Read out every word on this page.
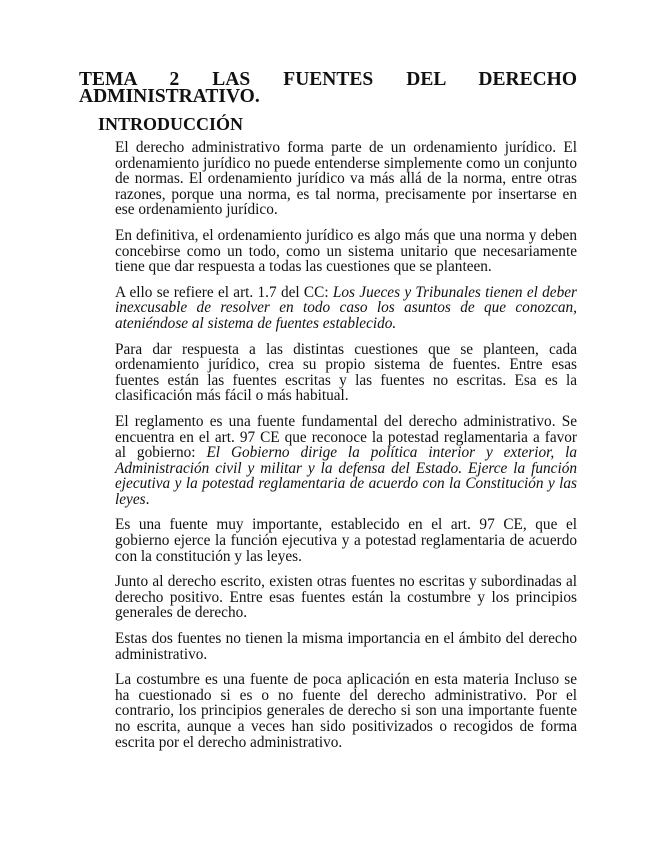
TEMA 2 LAS FUENTES DEL DERECHO
ADMINISTRATIVO.
INTRODUCCIÓN

El derecho administrativo forma parte de un ordenamiento jurídico. El ordenamiento jurídico no puede entenderse simplemente como un conjunto de normas. El ordenamiento jurídico va más allá de la norma, entre otras razones, porque una norma, es tal norma, precisamente por insertarse en ese ordenamiento jurídico.

En definitiva, el ordenamiento jurídico es algo más que una norma y deben concebirse como un todo, como un sistema unitario que necesariamente tiene que dar respuesta a todas las cuestiones que se planteen.

A ello se refiere el art. 1.7 del CC: Los Jueces y Tribunales tienen el deber inexcusable de resolver en todo caso los asuntos de que conozcan, ateniéndose al sistema de fuentes establecido.

Para dar respuesta a las distintas cuestiones que se planteen, cada ordenamiento jurídico, crea su propio sistema de fuentes. Entre esas fuentes están las fuentes escritas y las fuentes no escritas. Esa es la clasificación más fácil o más habitual.

El reglamento es una fuente fundamental del derecho administrativo. Se encuentra en el art. 97 CE que reconoce la potestad reglamentaria a favor al gobierno: El Gobierno dirige la política interior y exterior, la Administración civil y militar y la defensa del Estado. Ejerce la función ejecutiva y la potestad reglamentaria de acuerdo con la Constitución y las leyes.

Es una fuente muy importante, establecido en el art. 97 CE, que el gobierno ejerce la función ejecutiva y a potestad reglamentaria de acuerdo con la constitución y las leyes.

Junto al derecho escrito, existen otras fuentes no escritas y subordinadas al derecho positivo. Entre esas fuentes están la costumbre y los principios generales de derecho.

Estas dos fuentes no tienen la misma importancia en el ámbito del derecho administrativo.

La costumbre es una fuente de poca aplicación en esta materia Incluso se ha cuestionado si es o no fuente del derecho administrativo. Por el contrario, los principios generales de derecho si son una importante fuente no escrita, aunque a veces han sido positivizados o recogidos de forma escrita por el derecho administrativo.
